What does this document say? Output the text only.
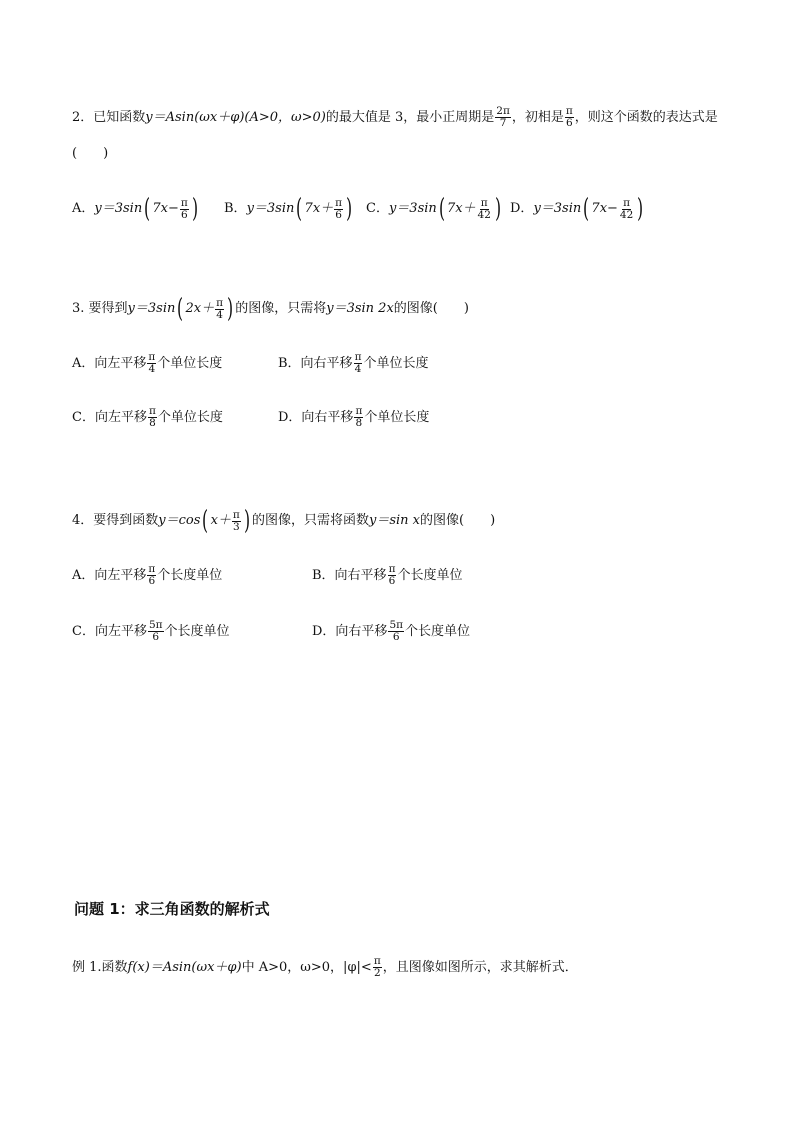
2．已知函数 y＝Asin(ωx＋φ)(A>0，ω>0) 的最大值是 3，最小正周期是 $\frac{2\pi}{7}$ ，初相是 $\frac{\pi}{6}$ ，则这个函数的表达式是
(　　)
A． y＝3sin ( $7x- \frac{\pi}{6}$ ) B． y＝3sin ( $7x+ \frac{\pi}{6}$ ) C． y＝3sin ( $7x+ \frac{\pi}{42}$ ) D． y＝3sin ( $7x- \frac{\pi}{42}$ )
3. 要得到 y＝3sin ( $2x+ \frac{\pi}{4}$ ) 的图像，只需将 y＝3sin 2x 的图像(　　)
A．向左平移 $\frac{\pi}{4}$ 个单位长度	B．向右平移 $\frac{\pi}{4}$ 个单位长度
C．向左平移 $\frac{\pi}{8}$ 个单位长度	D．向右平移 $\frac{\pi}{8}$ 个单位长度
4．要得到函数 y＝cos ( $x+ \frac{\pi}{3}$ ) 的图像，只需将函数 y＝sin x 的图像(　　)
A．向左平移 $\frac{\pi}{6}$ 个长度单位	B．向右平移 $\frac{\pi}{6}$ 个长度单位
C．向左平移 $\frac{5\pi}{6}$ 个长度单位	D．向右平移 $\frac{5\pi}{6}$ 个长度单位
问题 1：求三角函数的解析式
例 1.函数 f(x)＝Asin(ωx＋φ) 中 A>0，ω>0，$|\varphi|< \frac{\pi}{2}$ ，且图像如图所示，求其解析式．
